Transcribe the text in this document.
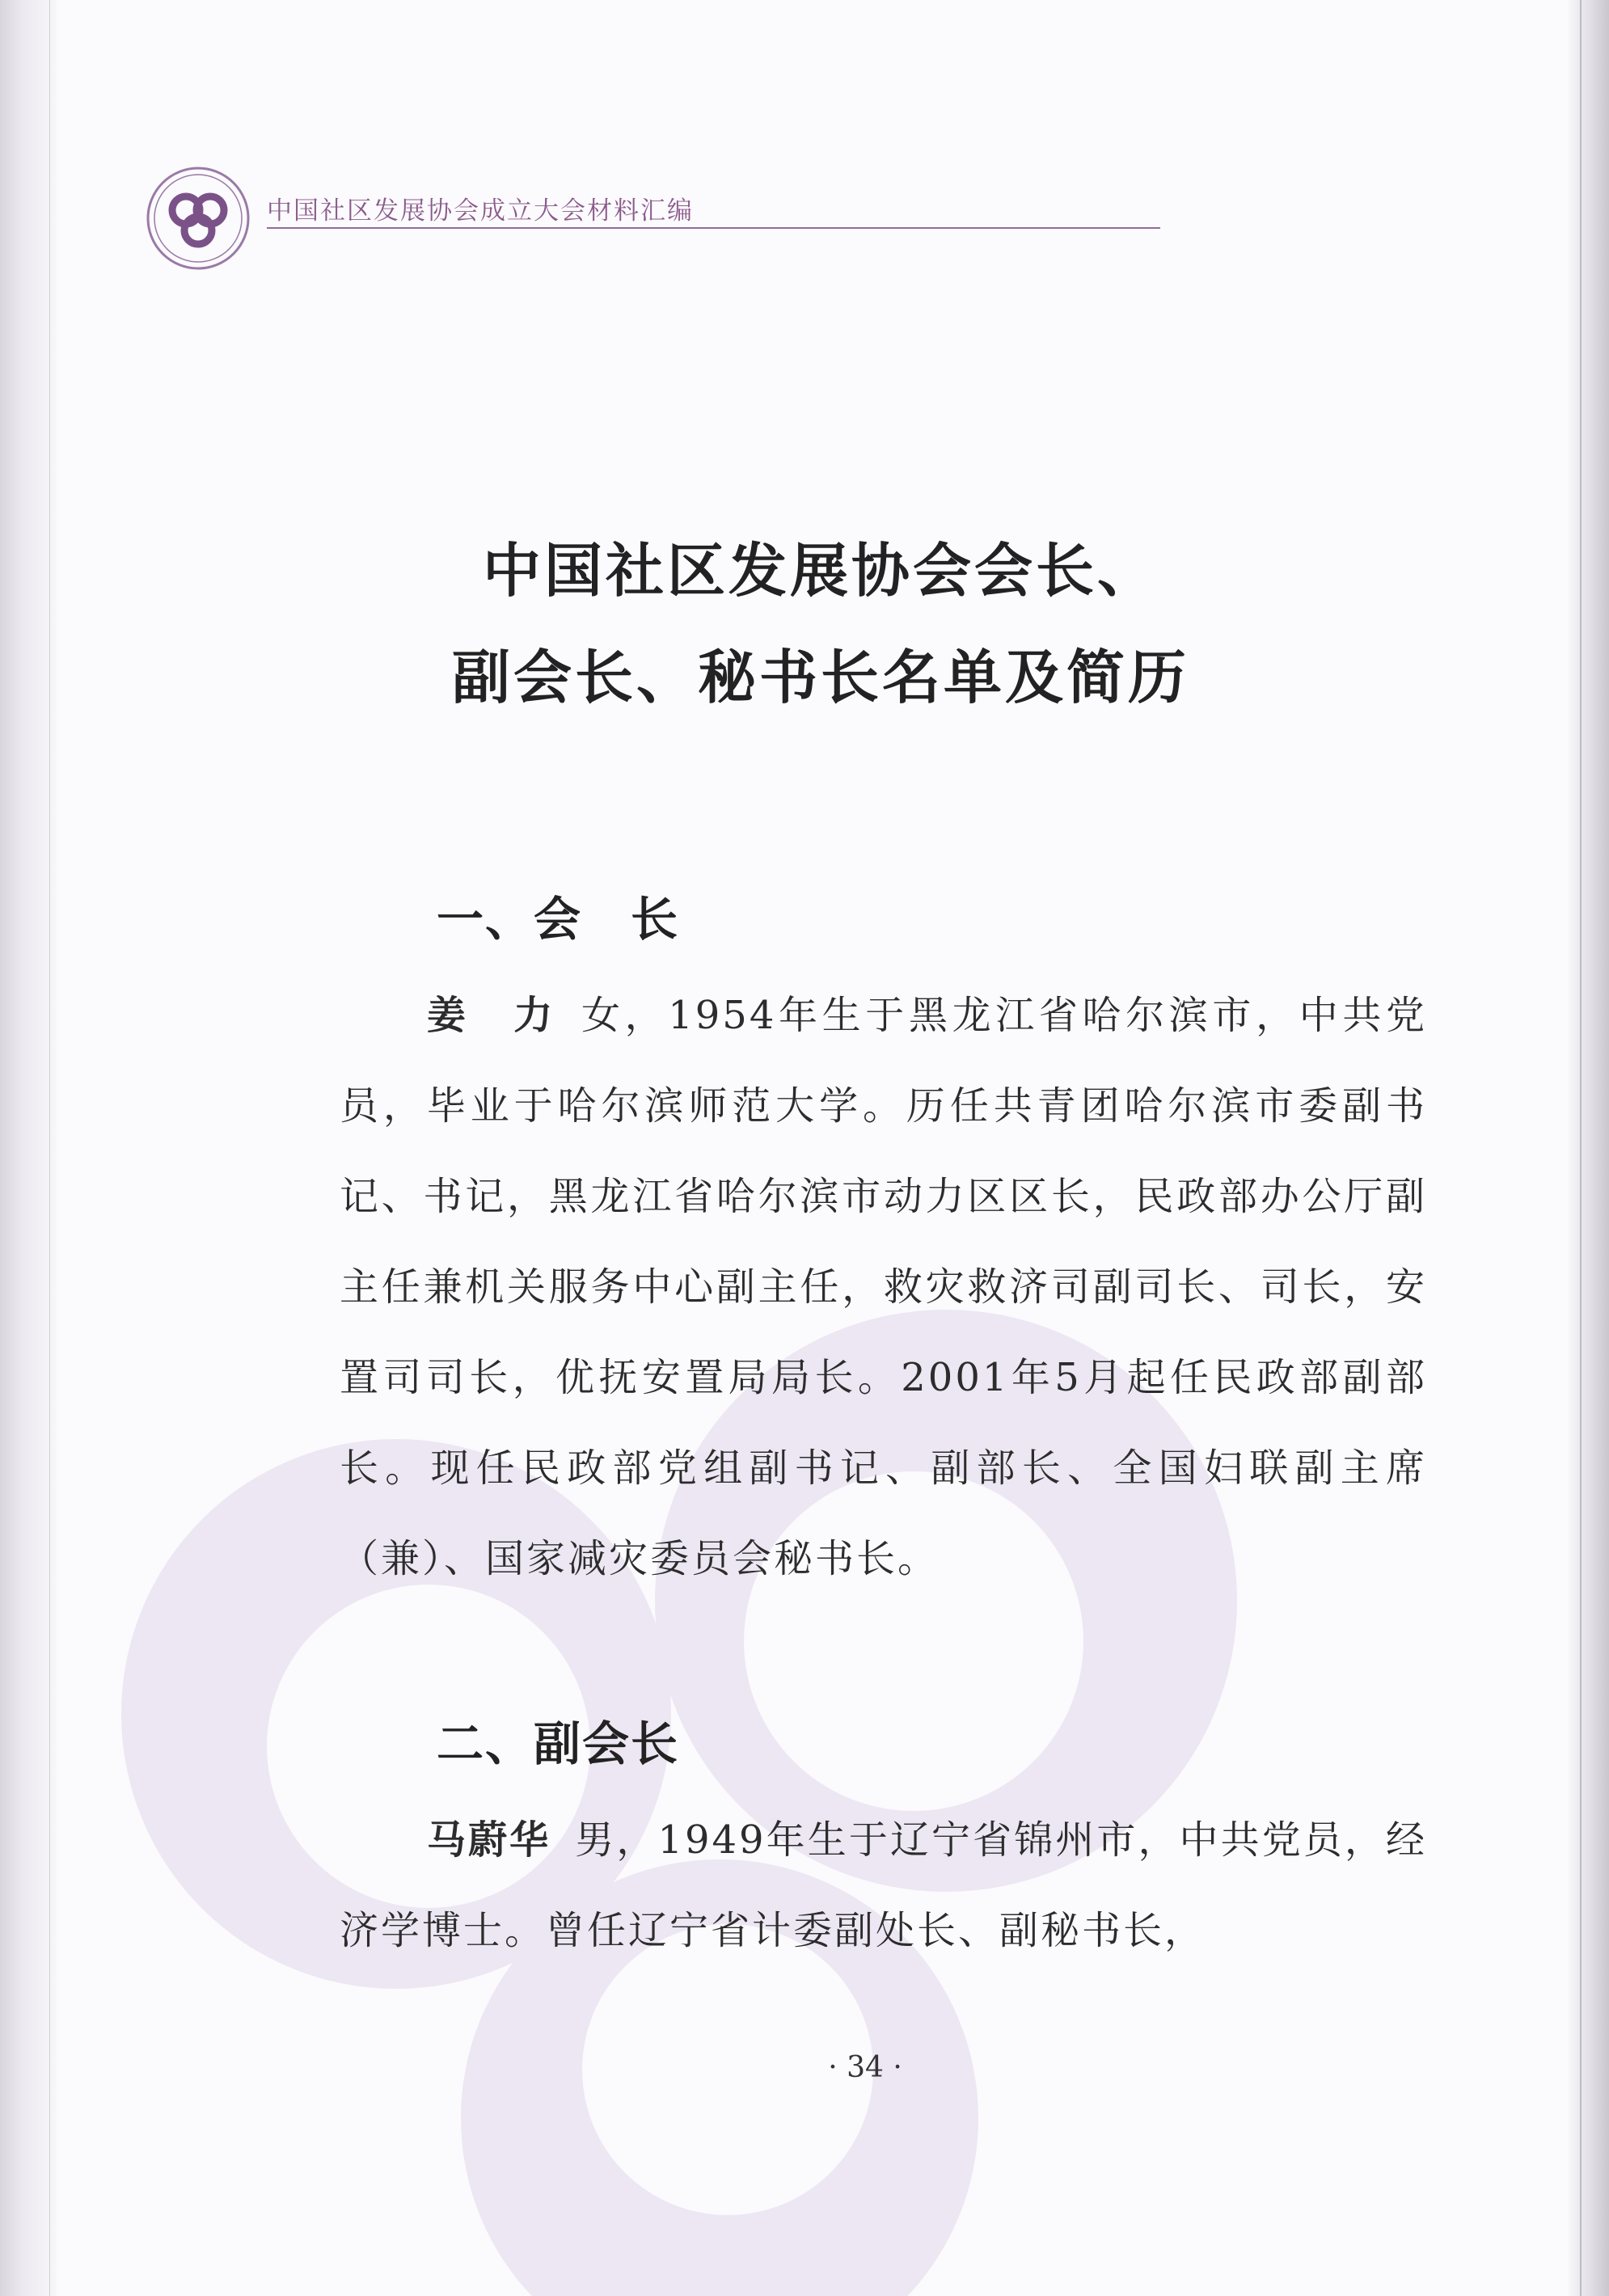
中国社区发展协会成立大会材料汇编
中国社区发展协会会长、
副会长、秘书长名单及简历
一、会　长
姜　力 女，1954年生于黑龙江省哈尔滨市，中共党员，毕业于哈尔滨师范大学。历任共青团哈尔滨市委副书记、书记，黑龙江省哈尔滨市动力区区长，民政部办公厅副主任兼机关服务中心副主任，救灾救济司副司长、司长，安置司司长，优抚安置局局长。2001年5月起任民政部副部长。现任民政部党组副书记、副部长、全国妇联副主席（兼）、国家减灾委员会秘书长。
二、副会长
马蔚华 男，1949年生于辽宁省锦州市，中共党员，经济学博士。曾任辽宁省计委副处长、副秘书长，
· 34 ·
